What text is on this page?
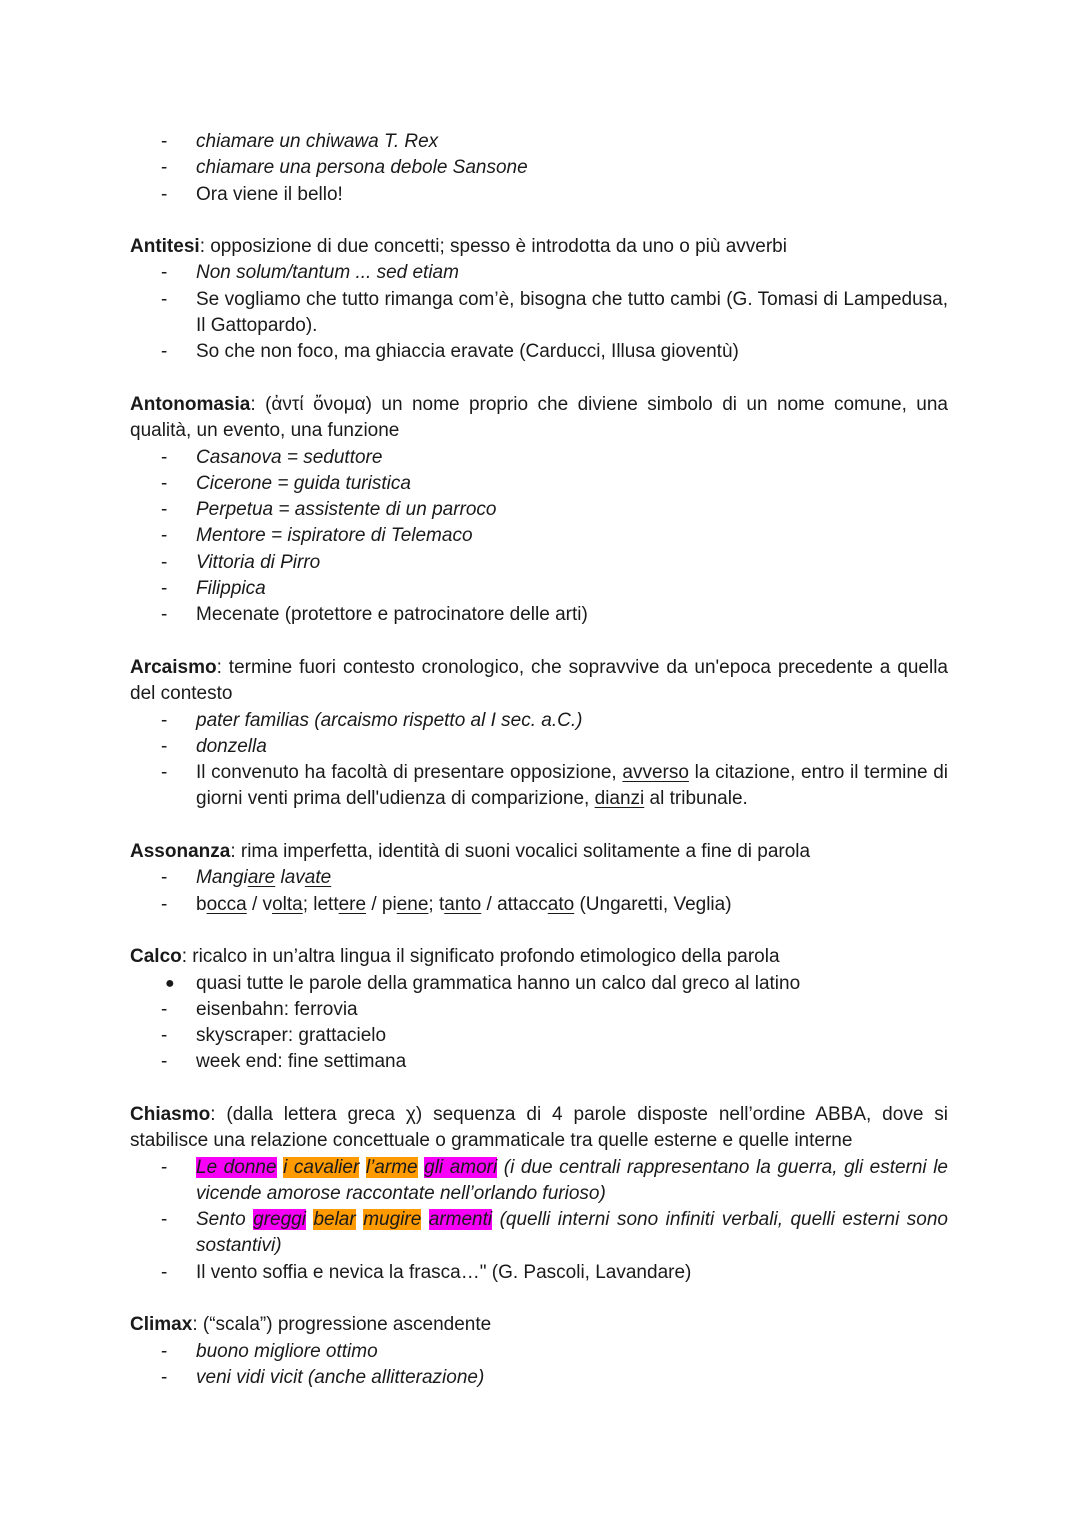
- chiamare un chiwawa T. Rex
- chiamare una persona debole Sansone
- Ora viene il bello!
Antitesi: opposizione di due concetti; spesso è introdotta da uno o più avverbi
- Non solum/tantum ... sed etiam
- Se vogliamo che tutto rimanga com’è, bisogna che tutto cambi (G. Tomasi di Lampedusa, Il Gattopardo).
- So che non foco, ma ghiaccia eravate (Carducci, Illusa gioventù)
Antonomasia: (ἀντί ὄνομα) un nome proprio che diviene simbolo di un nome comune, una qualità, un evento, una funzione
- Casanova = seduttore
- Cicerone = guida turistica
- Perpetua = assistente di un parroco
- Mentore = ispiratore di Telemaco
- Vittoria di Pirro
- Filippica
- Mecenate (protettore e patrocinatore delle arti)
Arcaismo: termine fuori contesto cronologico, che sopravvive da un'epoca precedente a quella del contesto
- pater familias (arcaismo rispetto al I sec. a.C.)
- donzella
- Il convenuto ha facoltà di presentare opposizione, avverso la citazione, entro il termine di giorni venti prima dell'udienza di comparizione, dianzi al tribunale.
Assonanza: rima imperfetta, identità di suoni vocalici solitamente a fine di parola
- Mangiare lavate
- bocca / volta; lettere / piene; tanto / attaccato (Ungaretti, Veglia)
Calco: ricalco in un’altra lingua il significato profondo etimologico della parola
● quasi tutte le parole della grammatica hanno un calco dal greco al latino
- eisenbahn: ferrovia
- skyscraper: grattacielo
- week end: fine settimana
Chiasmo: (dalla lettera greca χ) sequenza di 4 parole disposte nell’ordine ABBA, dove si stabilisce una relazione concettuale o grammaticale tra quelle esterne e quelle interne
- Le donne i cavalier l’arme gli amori (i due centrali rappresentano la guerra, gli esterni le vicende amorose raccontate nell’orlando furioso)
- Sento greggi belar mugire armenti (quelli interni sono infiniti verbali, quelli esterni sono sostantivi)
- Il vento soffia e nevica la frasca…" (G. Pascoli, Lavandare)
Climax: (“scala”) progressione ascendente
- buono migliore ottimo
- veni vidi vicit (anche allitterazione)
